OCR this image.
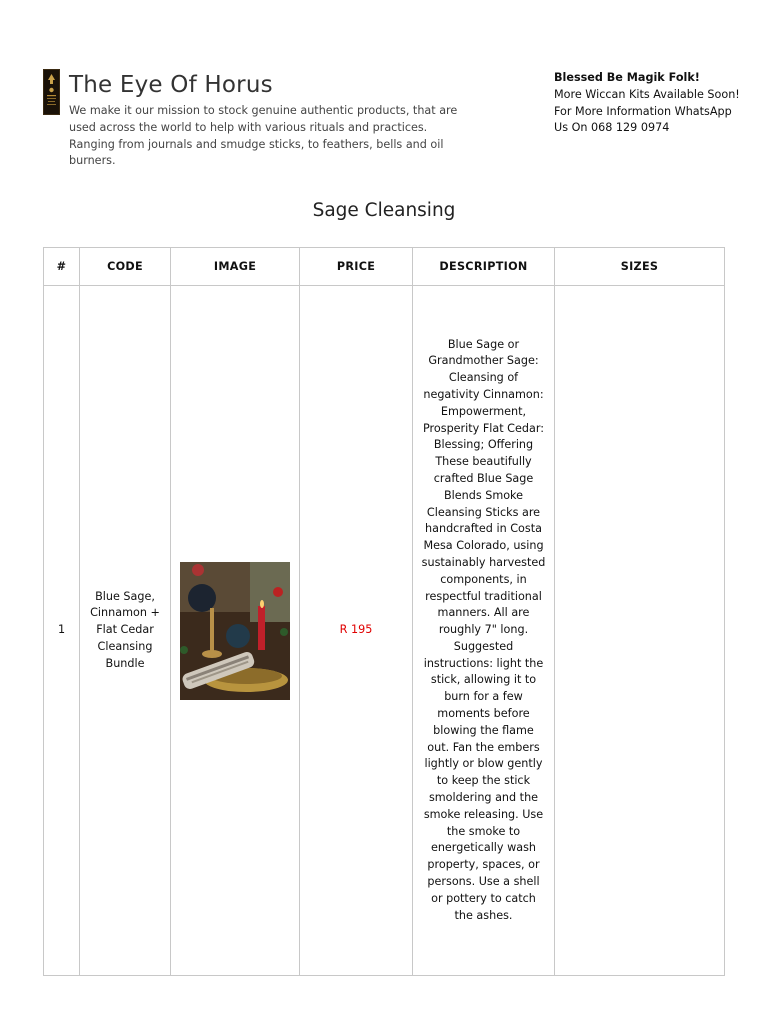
The Eye Of Horus
We make it our mission to stock genuine authentic products, that are used across the world to help with various rituals and practices. Ranging from journals and smudge sticks, to feathers, bells and oil burners.
Blessed Be Magik Folk!
More Wiccan Kits Available Soon! For More Information WhatsApp Us On 068 129 0974
Sage Cleansing
#	CODE	IMAGE	PRICE	DESCRIPTION	SIZES
1	Blue Sage, Cinnamon + Flat Cedar Cleansing Bundle		R 195	Blue Sage or Grandmother Sage: Cleansing of negativity Cinnamon: Empowerment, Prosperity Flat Cedar: Blessing; Offering These beautifully crafted Blue Sage Blends Smoke Cleansing Sticks are handcrafted in Costa Mesa Colorado, using sustainably harvested components, in respectful traditional manners. All are roughly 7" long. Suggested instructions: light the stick, allowing it to burn for a few moments before blowing the flame out. Fan the embers lightly or blow gently to keep the stick smoldering and the smoke releasing. Use the smoke to energetically wash property, spaces, or persons. Use a shell or pottery to catch the ashes.	
